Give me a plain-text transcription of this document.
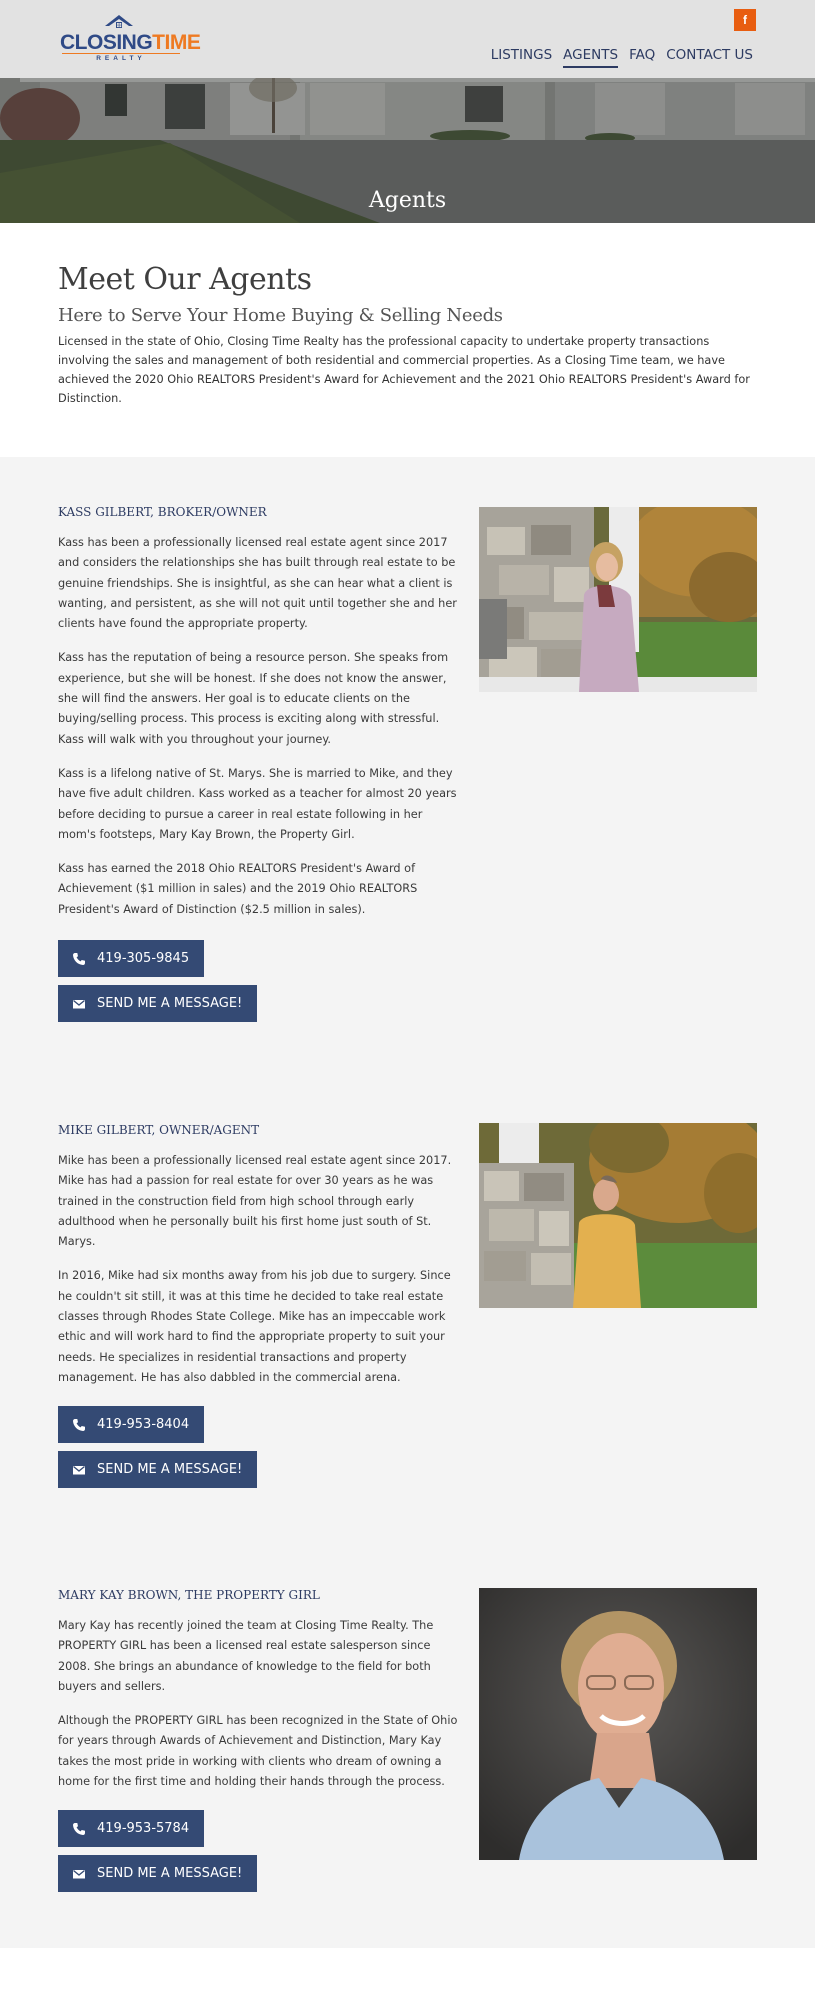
CLOSINGTIME
REALTY
f
LISTINGS AGENTS FAQ CONTACT US
Agents
Meet Our Agents
Here to Serve Your Home Buying & Selling Needs

Licensed in the state of Ohio, Closing Time Realty has the professional capacity to undertake property transactions involving the sales and management of both residential and commercial properties. As a Closing Time team, we have achieved the 2020 Ohio REALTORS President's Award for Achievement and the 2021 Ohio REALTORS President's Award for Distinction.

KASS GILBERT, BROKER/OWNER

Kass has been a professionally licensed real estate agent since 2017 and considers the relationships she has built through real estate to be genuine friendships. She is insightful, as she can hear what a client is wanting, and persistent, as she will not quit until together she and her clients have found the appropriate property.

Kass has the reputation of being a resource person. She speaks from experience, but she will be honest. If she does not know the answer, she will find the answers. Her goal is to educate clients on the buying/selling process. This process is exciting along with stressful. Kass will walk with you throughout your journey.

Kass is a lifelong native of St. Marys. She is married to Mike, and they have five adult children. Kass worked as a teacher for almost 20 years before deciding to pursue a career in real estate following in her mom's footsteps, Mary Kay Brown, the Property Girl.

Kass has earned the 2018 Ohio REALTORS President's Award of Achievement ($1 million in sales) and the 2019 Ohio REALTORS President's Award of Distinction ($2.5 million in sales).

419-305-9845
SEND ME A MESSAGE!
MIKE GILBERT, OWNER/AGENT

Mike has been a professionally licensed real estate agent since 2017. Mike has had a passion for real estate for over 30 years as he was trained in the construction field from high school through early adulthood when he personally built his first home just south of St. Marys.

In 2016, Mike had six months away from his job due to surgery. Since he couldn't sit still, it was at this time he decided to take real estate classes through Rhodes State College. Mike has an impeccable work ethic and will work hard to find the appropriate property to suit your needs. He specializes in residential transactions and property management. He has also dabbled in the commercial arena.

419-953-8404
SEND ME A MESSAGE!
MARY KAY BROWN, THE PROPERTY GIRL

Mary Kay has recently joined the team at Closing Time Realty. The PROPERTY GIRL has been a licensed real estate salesperson since 2008. She brings an abundance of knowledge to the field for both buyers and sellers.

Although the PROPERTY GIRL has been recognized in the State of Ohio for years through Awards of Achievement and Distinction, Mary Kay takes the most pride in working with clients who dream of owning a home for the first time and holding their hands through the process.

419-953-5784
SEND ME A MESSAGE!
